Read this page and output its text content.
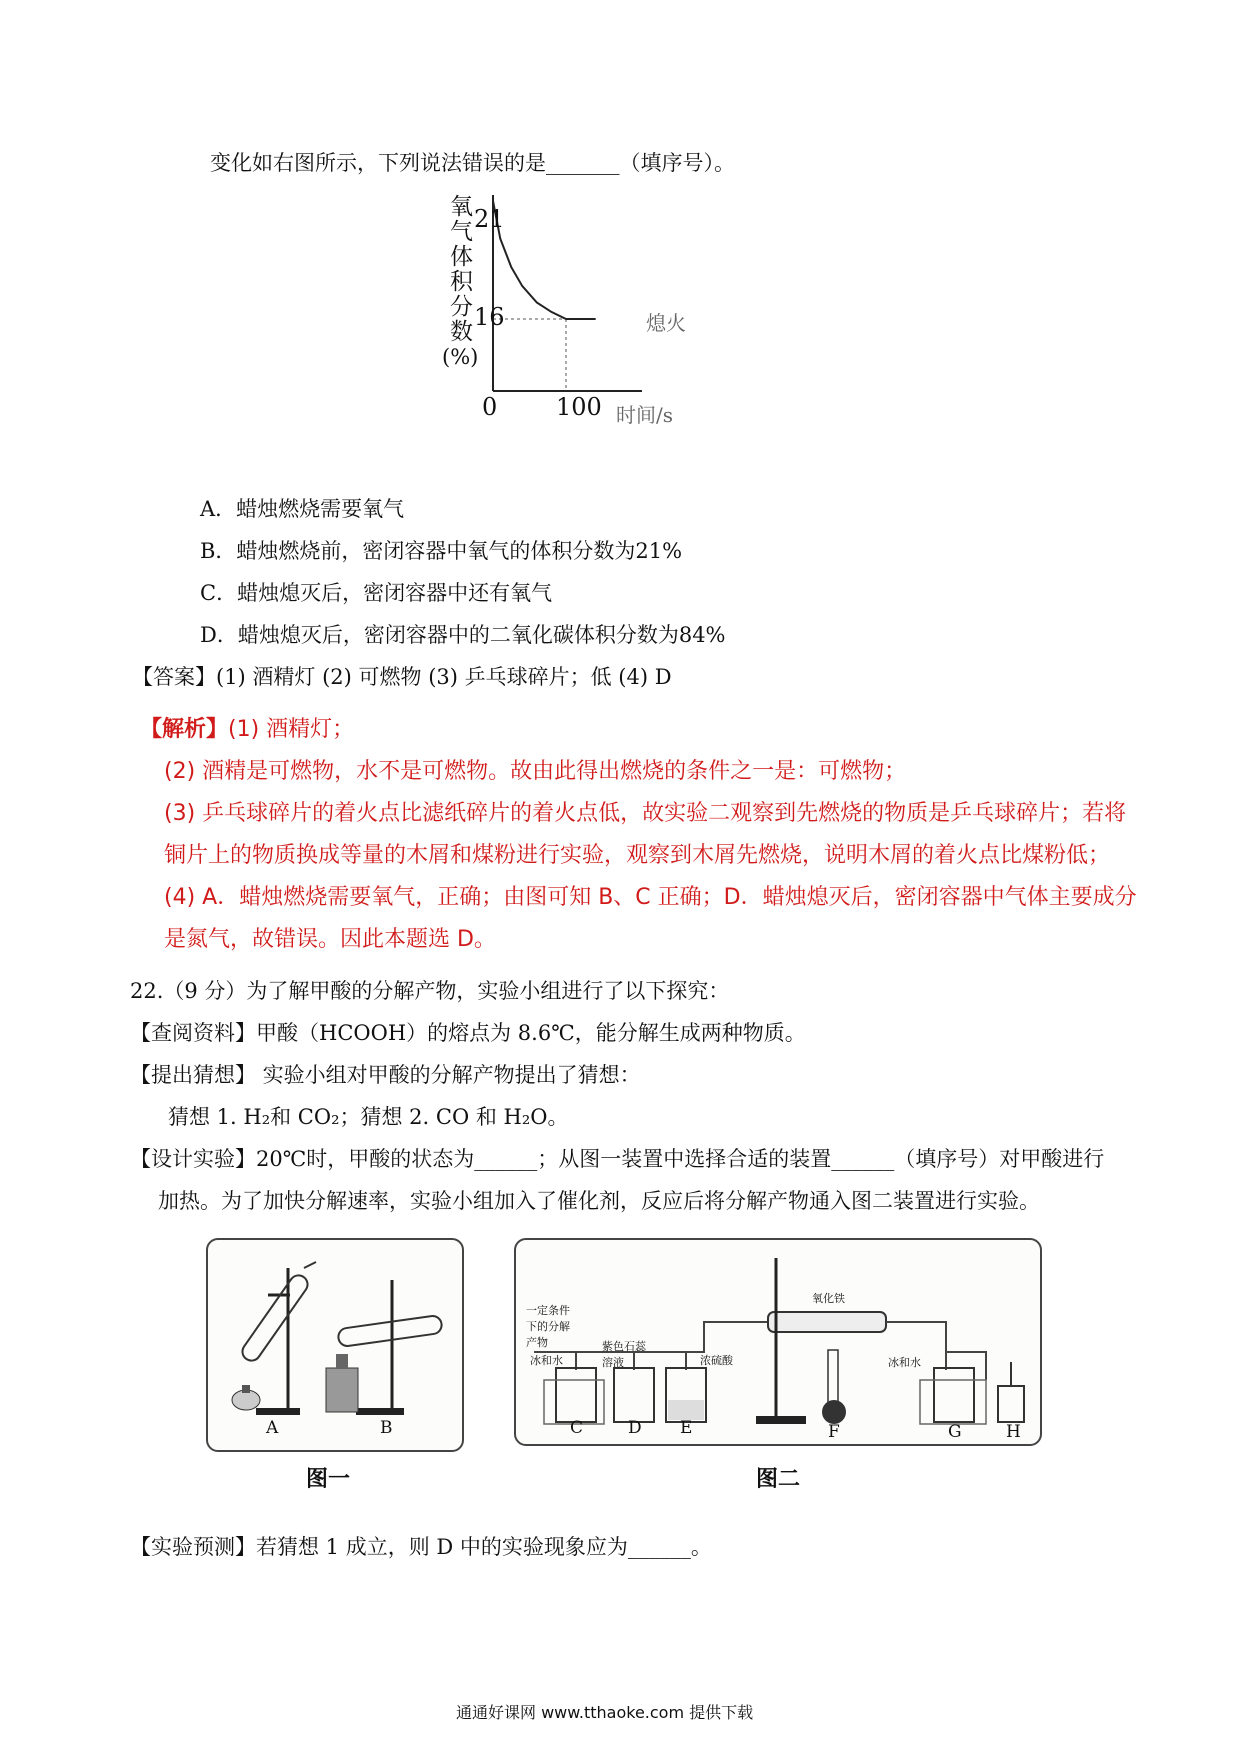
变化如右图所示，下列说法错误的是_______（填序号）。
氧
气
体
积
分
数
(%)
21
16
0 100 时间/s
熄火
A．蜡烛燃烧需要氧气
B．蜡烛燃烧前，密闭容器中氧气的体积分数为21%
C．蜡烛熄灭后，密闭容器中还有氧气
D．蜡烛熄灭后，密闭容器中的二氧化碳体积分数为84%
【答案】(1) 酒精灯 (2) 可燃物 (3) 乒乓球碎片；低 (4) D
【解析】(1) 酒精灯；
(2) 酒精是可燃物，水不是可燃物。故由此得出燃烧的条件之一是：可燃物；
(3) 乒乓球碎片的着火点比滤纸碎片的着火点低，故实验二观察到先燃烧的物质是乒乓球碎片；若将
铜片上的物质换成等量的木屑和煤粉进行实验，观察到木屑先燃烧，说明木屑的着火点比煤粉低；
(4) A．蜡烛燃烧需要氧气，正确；由图可知 B、C 正确；D．蜡烛熄灭后，密闭容器中气体主要成分
是氮气，故错误。因此本题选 D。
22.（9 分）为了解甲酸的分解产物，实验小组进行了以下探究：
【查阅资料】甲酸（HCOOH）的熔点为 8.6℃，能分解生成两种物质。
【提出猜想】 实验小组对甲酸的分解产物提出了猜想：
猜想 1. H₂和 CO₂；猜想 2. CO 和 H₂O。
【设计实验】20℃时，甲酸的状态为______；从图一装置中选择合适的装置______（填序号）对甲酸进行
加热。为了加快分解速率，实验小组加入了催化剂，反应后将分解产物通入图二装置进行实验。
A	B
图一
一定条件下的分解产物
冰和水
紫色石蕊溶液	浓硫酸
氧化铁
冰和水
C	D E	F	G	H
图二
【实验预测】若猜想 1 成立，则 D 中的实验现象应为______。
通通好课网 www.tthaoke.com 提供下载
